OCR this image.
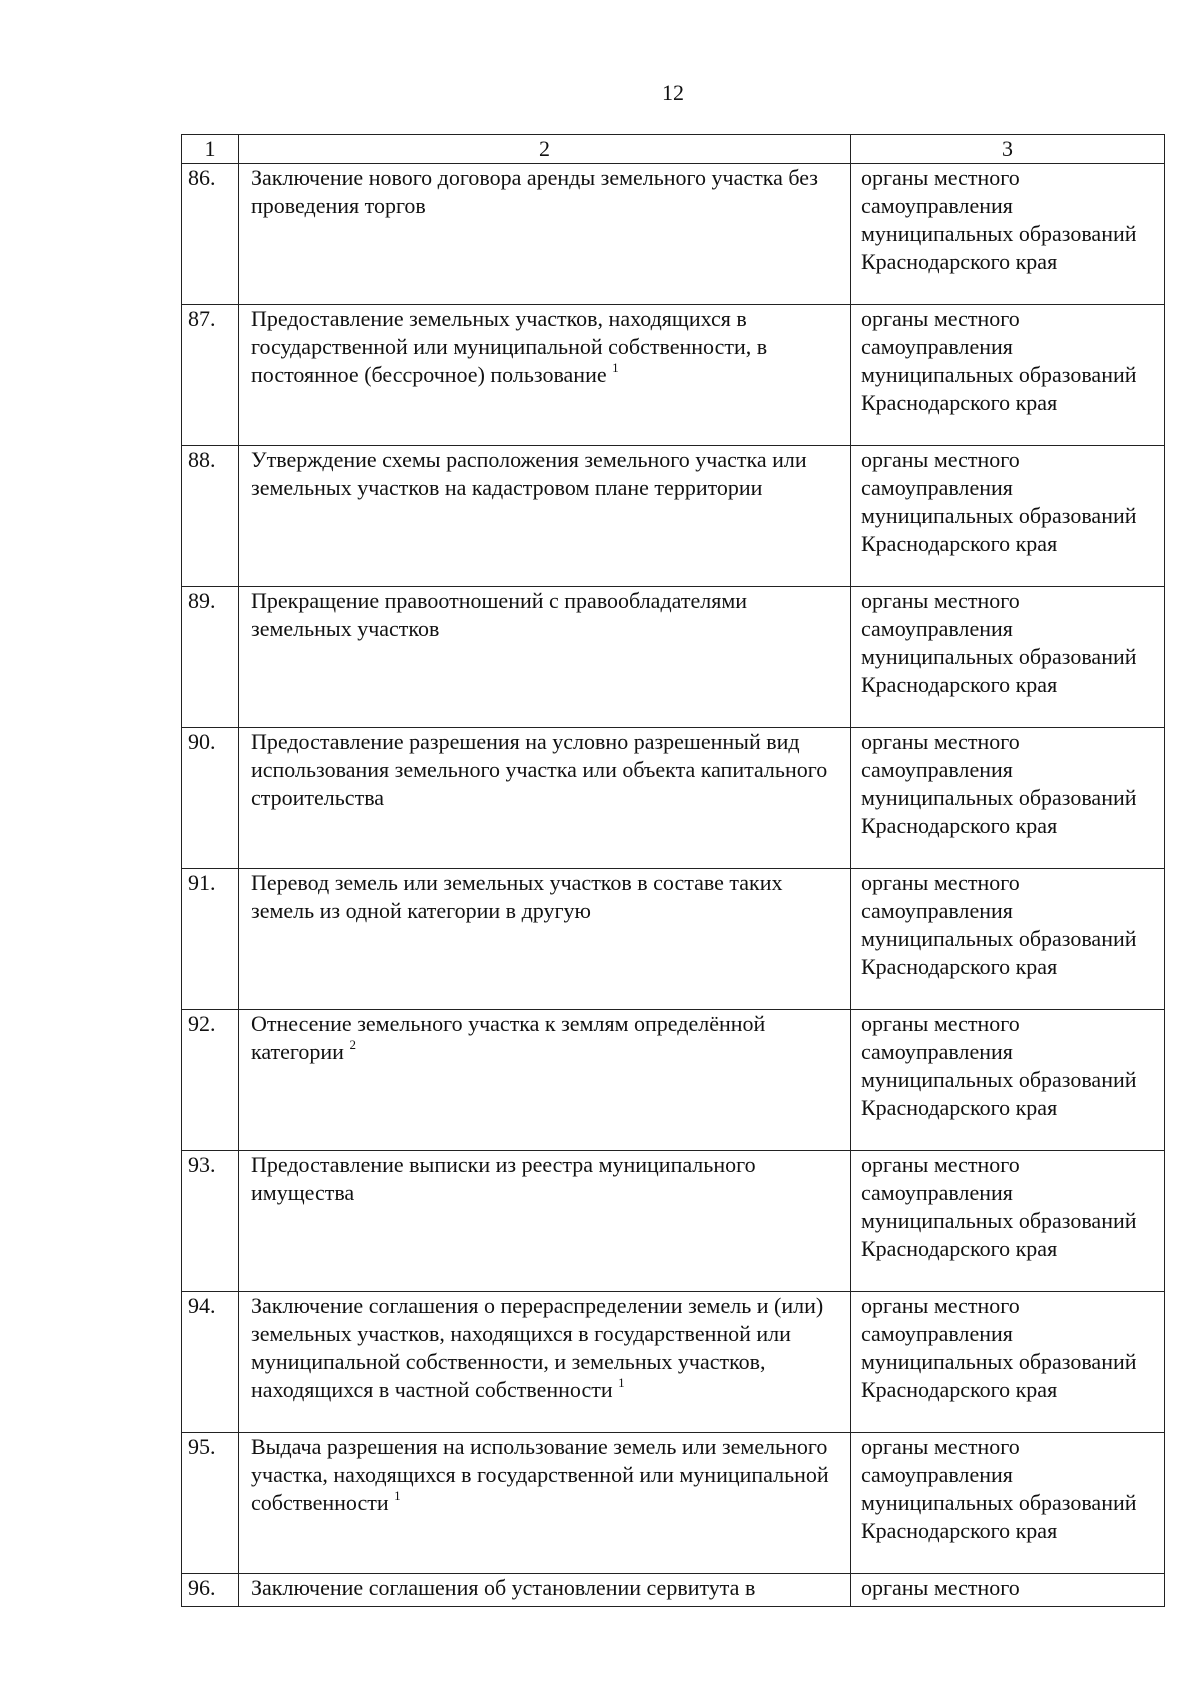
12
1	2	3
86.	Заключение нового договора аренды земельного участка без проведения торгов	органы местного самоуправления муниципальных образований Краснодарского края
87.	Предоставление земельных участков, находящихся в государственной или муниципальной собственности, в постоянное (бессрочное) пользование $^1$	органы местного самоуправления муниципальных образований Краснодарского края
88.	Утверждение схемы расположения земельного участка или земельных участков на кадастровом плане территории	органы местного самоуправления муниципальных образований Краснодарского края
89.	Прекращение правоотношений с правообладателями земельных участков	органы местного самоуправления муниципальных образований Краснодарского края
90.	Предоставление разрешения на условно разрешенный вид использования земельного участка или объекта капитального строительства	органы местного самоуправления муниципальных образований Краснодарского края
91.	Перевод земель или земельных участков в составе таких земель из одной категории в другую	органы местного самоуправления муниципальных образований Краснодарского края
92.	Отнесение земельного участка к землям определённой категории $^2$	органы местного самоуправления муниципальных образований Краснодарского края
93.	Предоставление выписки из реестра муниципального имущества	органы местного самоуправления муниципальных образований Краснодарского края
94.	Заключение соглашения о перераспределении земель и (или) земельных участков, находящихся в государственной или муниципальной собственности, и земельных участков, находящихся в частной собственности $^1$	органы местного самоуправления муниципальных образований Краснодарского края
95.	Выдача разрешения на использование земель или земельного участка, находящихся в государственной или муниципальной собственности $^1$	органы местного самоуправления муниципальных образований Краснодарского края
96.	Заключение соглашения об установлении сервитута в	органы местного
